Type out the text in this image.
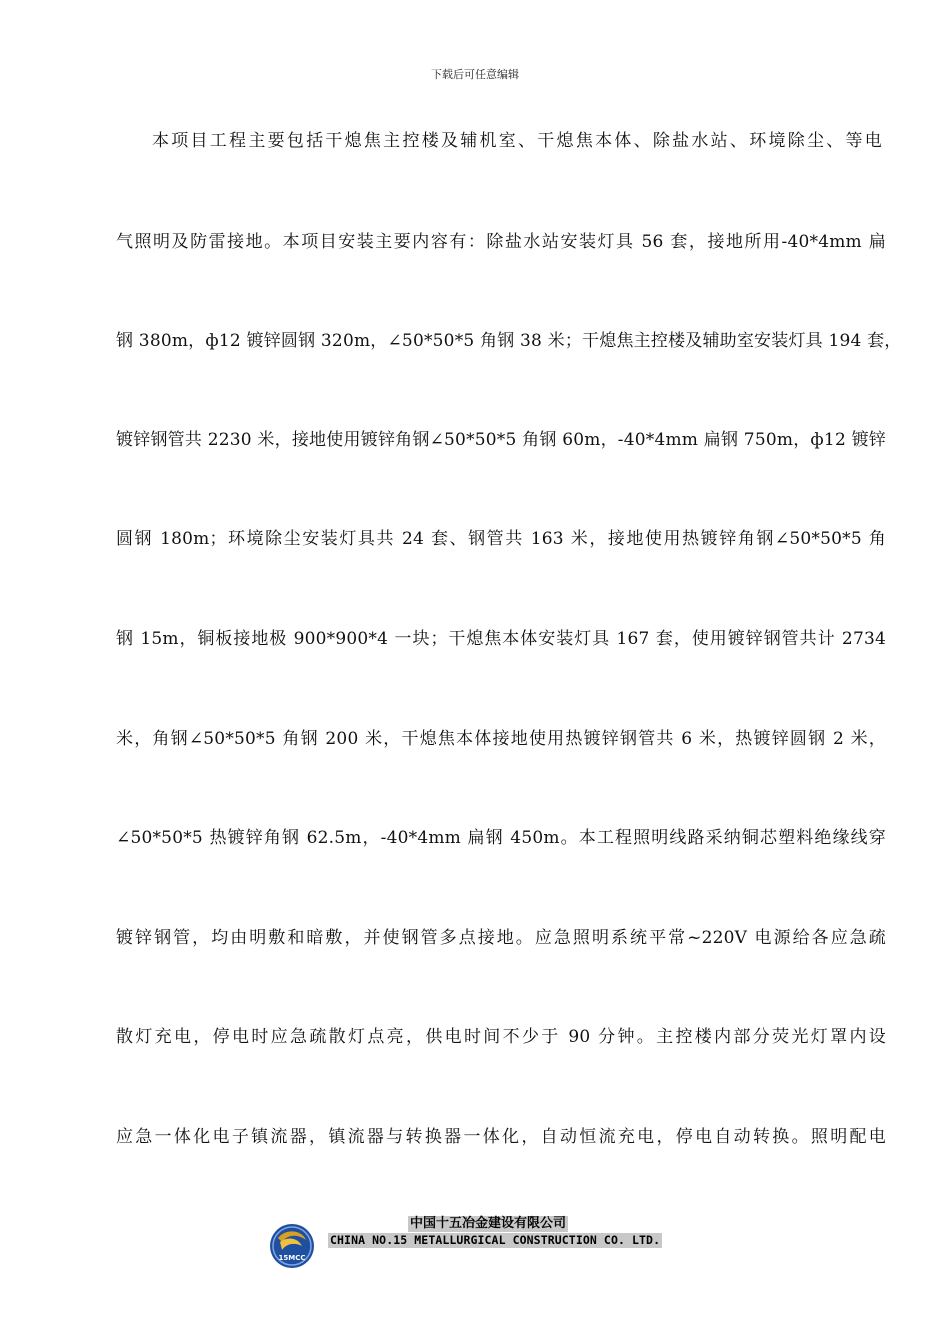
下载后可任意编辑
本项目工程主要包括干熄焦主控楼及辅机室、干熄焦本体、除盐水站、环境除尘、等电
气照明及防雷接地。本项目安装主要内容有：除盐水站安装灯具 56 套，接地所用-40*4mm 扁
钢 380m，ф12 镀锌圆钢 320m，∠50*50*5 角钢 38 米；干熄焦主控楼及辅助室安装灯具 194 套，
镀锌钢管共 2230 米，接地使用镀锌角钢∠50*50*5 角钢 60m，-40*4mm 扁钢 750m，ф12 镀锌
圆钢 180m；环境除尘安装灯具共 24 套、钢管共 163 米，接地使用热镀锌角钢∠50*50*5 角
钢 15m，铜板接地极 900*900*4 一块；干熄焦本体安装灯具 167 套，使用镀锌钢管共计 2734
米，角钢∠50*50*5 角钢 200 米，干熄焦本体接地使用热镀锌钢管共 6 米，热镀锌圆钢 2 米，
∠50*50*5 热镀锌角钢 62.5m，-40*4mm 扁钢 450m。本工程照明线路采纳铜芯塑料绝缘线穿
镀锌钢管，均由明敷和暗敷，并使钢管多点接地。应急照明系统平常~220V 电源给各应急疏
散灯充电，停电时应急疏散灯点亮，供电时间不少于 90 分钟。主控楼内部分荧光灯罩内设
应急一体化电子镇流器，镇流器与转换器一体化，自动恒流充电，停电自动转换。照明配电
15MCC
中国十五冶金建设有限公司
CHINA NO.15 METALLURGICAL CONSTRUCTION CO. LTD.
